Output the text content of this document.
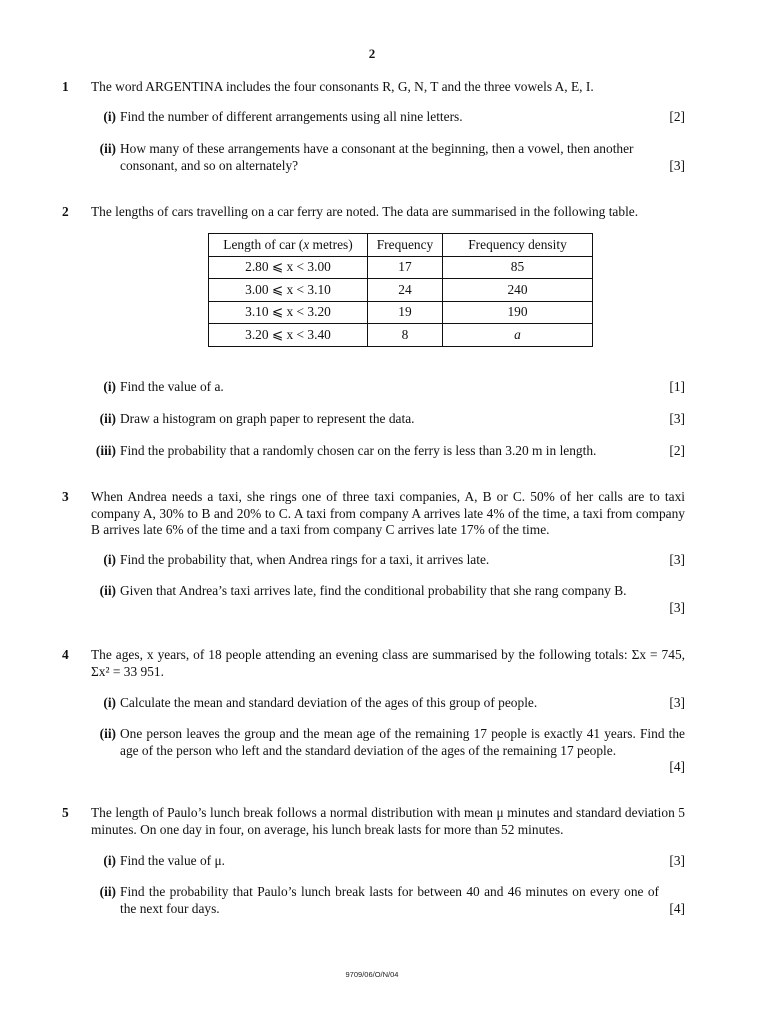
2
1 The word ARGENTINA includes the four consonants R, G, N, T and the three vowels A, E, I.
(i) Find the number of different arrangements using all nine letters.	[2]
(ii) How many of these arrangements have a consonant at the beginning, then a vowel, then another consonant, and so on alternately?	[3]
2 The lengths of cars travelling on a car ferry are noted. The data are summarised in the following table.
Length of car (x metres)	Frequency	Frequency density
2.80 ⩽ x < 3.00	17	85
3.00 ⩽ x < 3.10	24	240
3.10 ⩽ x < 3.20	19	190
3.20 ⩽ x < 3.40	8	a
(i) Find the value of a.	[1]
(ii) Draw a histogram on graph paper to represent the data.	[3]
(iii) Find the probability that a randomly chosen car on the ferry is less than 3.20 m in length.	[2]
3 When Andrea needs a taxi, she rings one of three taxi companies, A, B or C. 50% of her calls are to taxi company A, 30% to B and 20% to C. A taxi from company A arrives late 4% of the time, a taxi from company B arrives late 6% of the time and a taxi from company C arrives late 17% of the time.
(i) Find the probability that, when Andrea rings for a taxi, it arrives late.	[3]
(ii) Given that Andrea’s taxi arrives late, find the conditional probability that she rang company B.
[3]
4 The ages, x years, of 18 people attending an evening class are summarised by the following totals: Σx = 745, Σx² = 33 951.
(i) Calculate the mean and standard deviation of the ages of this group of people.	[3]
(ii) One person leaves the group and the mean age of the remaining 17 people is exactly 41 years. Find the age of the person who left and the standard deviation of the ages of the remaining 17 people.
[4]
5 The length of Paulo’s lunch break follows a normal distribution with mean μ minutes and standard deviation 5 minutes. On one day in four, on average, his lunch break lasts for more than 52 minutes.
(i) Find the value of μ.	[3]
(ii) Find the probability that Paulo’s lunch break lasts for between 40 and 46 minutes on every one of the next four days.	[4]
9709/06/O/N/04
